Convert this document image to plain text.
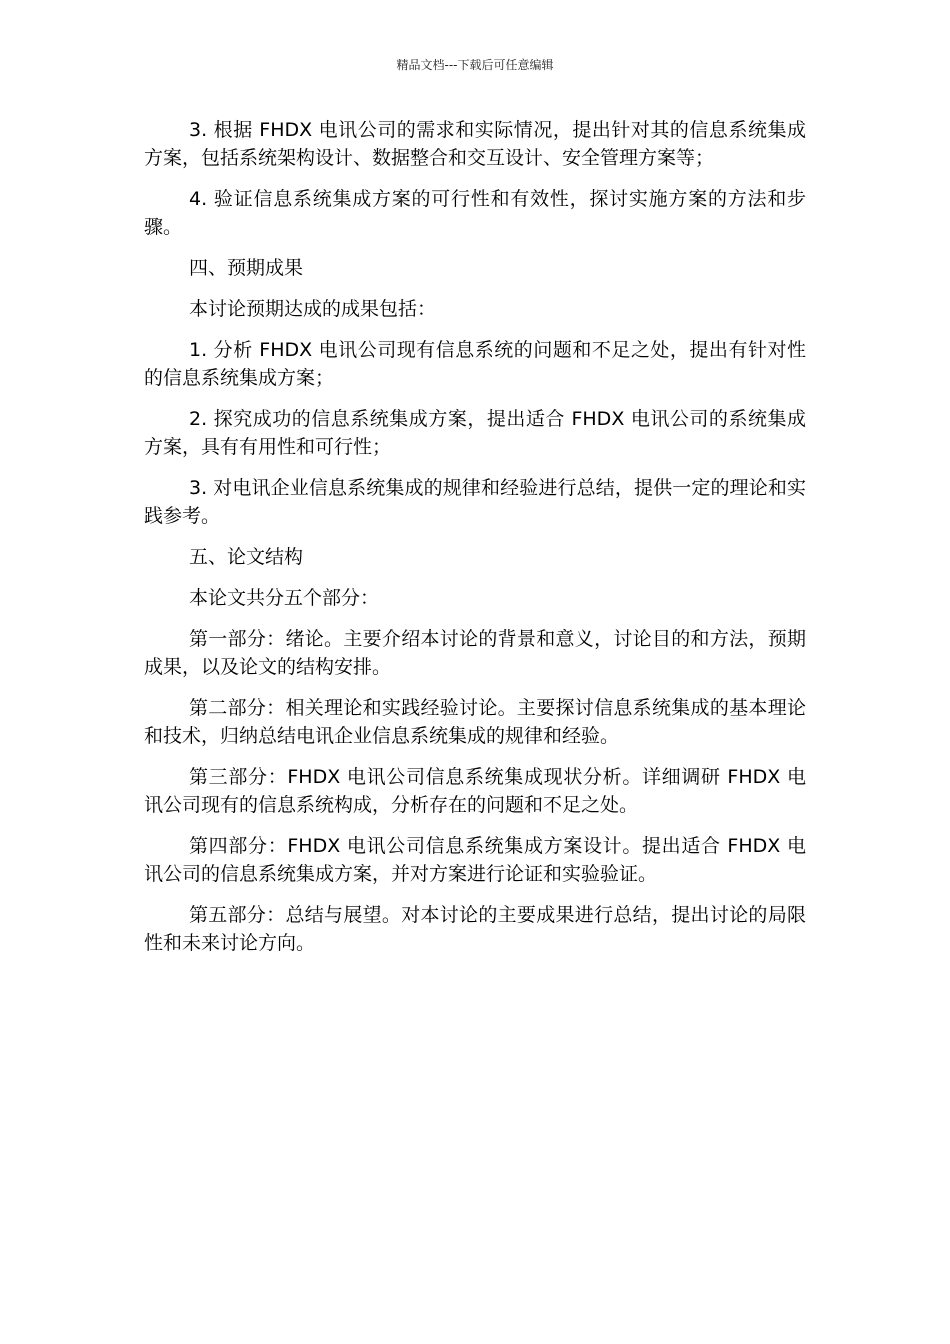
精品文档---下载后可任意编辑

3. 根据 FHDX 电讯公司的需求和实际情况，提出针对其的信息系统集成方案，包括系统架构设计、数据整合和交互设计、安全管理方案等；

4. 验证信息系统集成方案的可行性和有效性，探讨实施方案的方法和步骤。

四、预期成果

本讨论预期达成的成果包括：

1. 分析 FHDX 电讯公司现有信息系统的问题和不足之处，提出有针对性的信息系统集成方案；

2. 探究成功的信息系统集成方案，提出适合 FHDX 电讯公司的系统集成方案，具有有用性和可行性；

3. 对电讯企业信息系统集成的规律和经验进行总结，提供一定的理论和实践参考。

五、论文结构

本论文共分五个部分：

第一部分：绪论。主要介绍本讨论的背景和意义，讨论目的和方法，预期成果，以及论文的结构安排。

第二部分：相关理论和实践经验讨论。主要探讨信息系统集成的基本理论和技术，归纳总结电讯企业信息系统集成的规律和经验。

第三部分：FHDX 电讯公司信息系统集成现状分析。详细调研 FHDX 电讯公司现有的信息系统构成，分析存在的问题和不足之处。

第四部分：FHDX 电讯公司信息系统集成方案设计。提出适合 FHDX 电讯公司的信息系统集成方案，并对方案进行论证和实验验证。

第五部分：总结与展望。对本讨论的主要成果进行总结，提出讨论的局限性和未来讨论方向。
